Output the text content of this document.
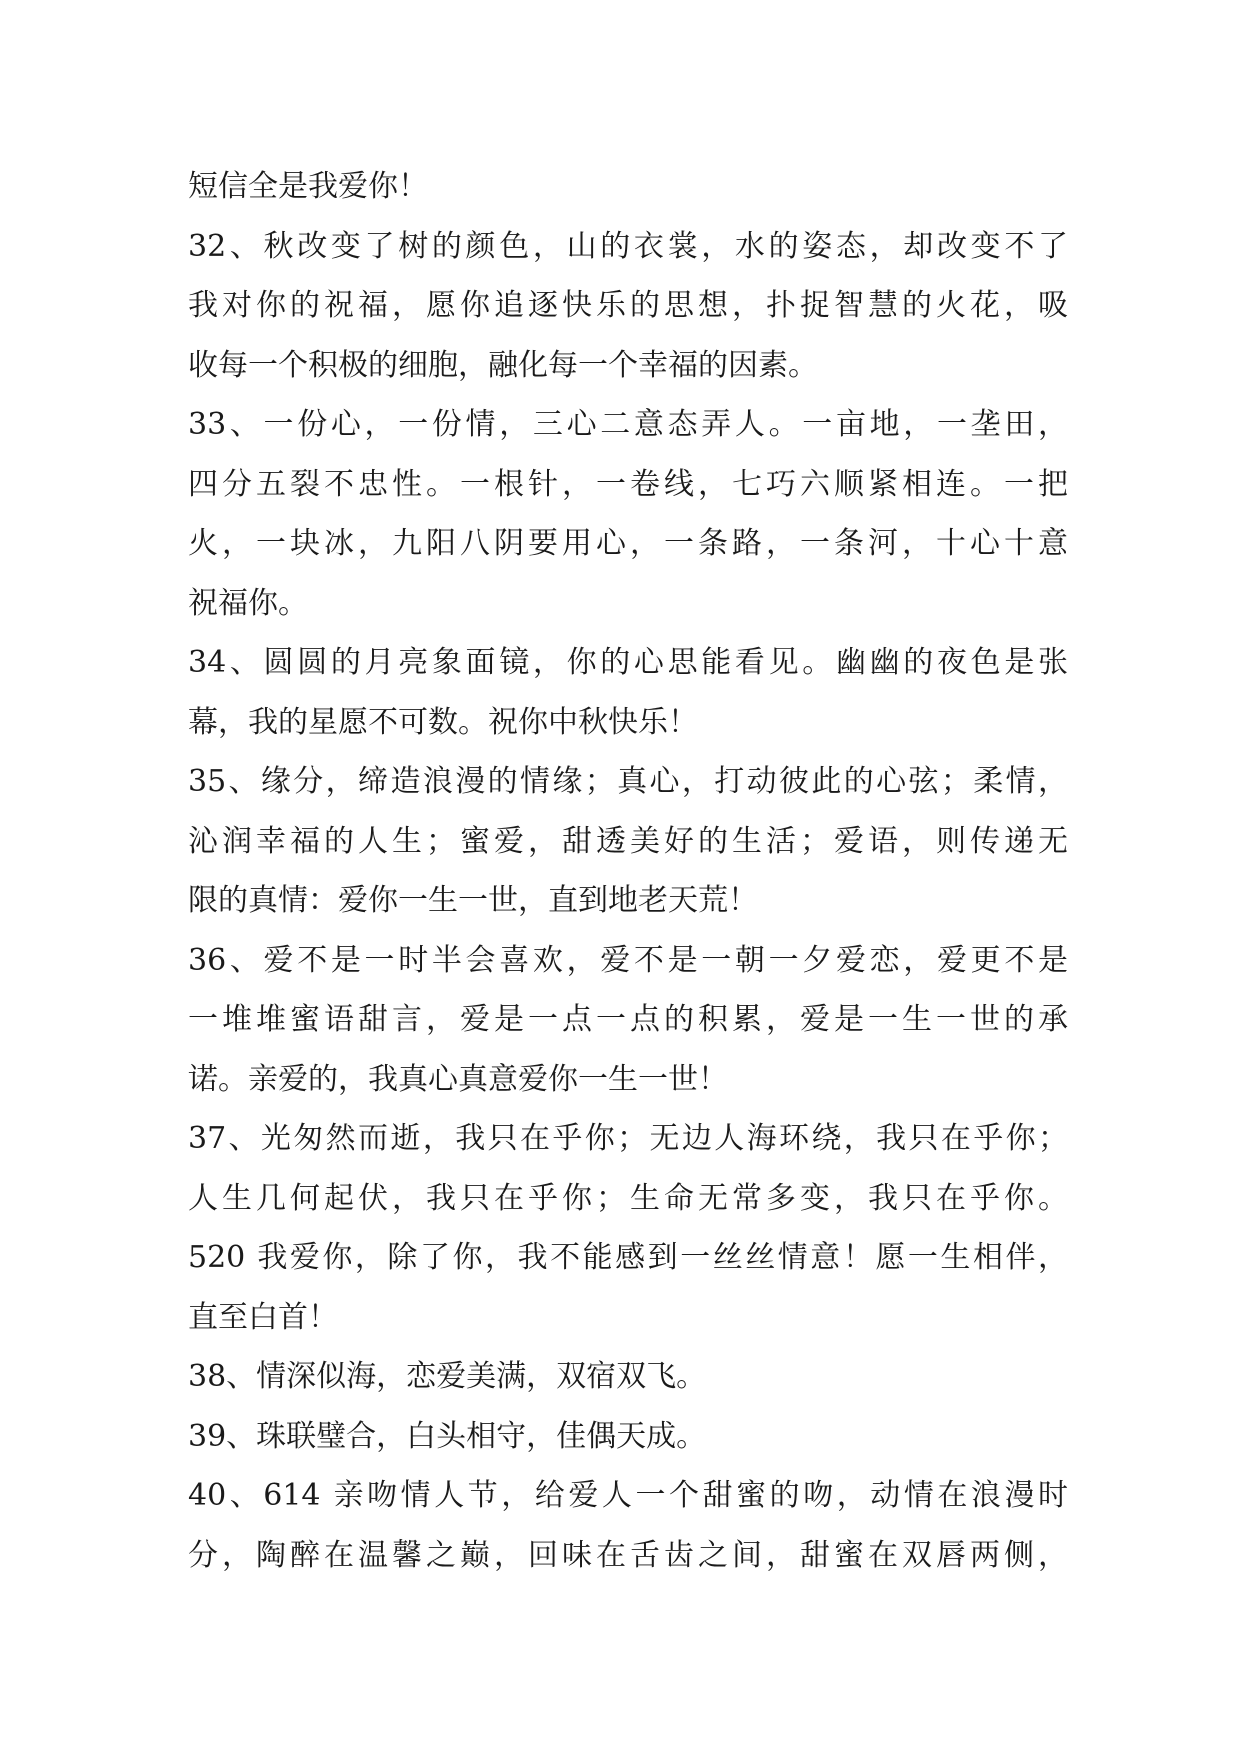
短信全是我爱你！
32、秋改变了树的颜色，山的衣裳，水的姿态，却改变不了
我对你的祝福，愿你追逐快乐的思想，扑捉智慧的火花，吸
收每一个积极的细胞，融化每一个幸福的因素。
33、一份心，一份情，三心二意态弄人。一亩地，一垄田，
四分五裂不忠性。一根针，一卷线，七巧六顺紧相连。一把
火，一块冰，九阳八阴要用心，一条路，一条河，十心十意
祝福你。
34、圆圆的月亮象面镜，你的心思能看见。幽幽的夜色是张
幕，我的星愿不可数。祝你中秋快乐！
35、缘分，缔造浪漫的情缘；真心，打动彼此的心弦；柔情，
沁润幸福的人生；蜜爱，甜透美好的生活；爱语，则传递无
限的真情：爱你一生一世，直到地老天荒！
36、爱不是一时半会喜欢，爱不是一朝一夕爱恋，爱更不是
一堆堆蜜语甜言，爱是一点一点的积累，爱是一生一世的承
诺。亲爱的，我真心真意爱你一生一世！
37、光匆然而逝，我只在乎你；无边人海环绕，我只在乎你；
人生几何起伏，我只在乎你；生命无常多变，我只在乎你。
520 我爱你，除了你，我不能感到一丝丝情意！愿一生相伴，
直至白首！
38、情深似海，恋爱美满，双宿双飞。
39、珠联璧合，白头相守，佳偶天成。
40、614 亲吻情人节，给爱人一个甜蜜的吻，动情在浪漫时
分，陶醉在温馨之巅，回味在舌齿之间，甜蜜在双唇两侧，
